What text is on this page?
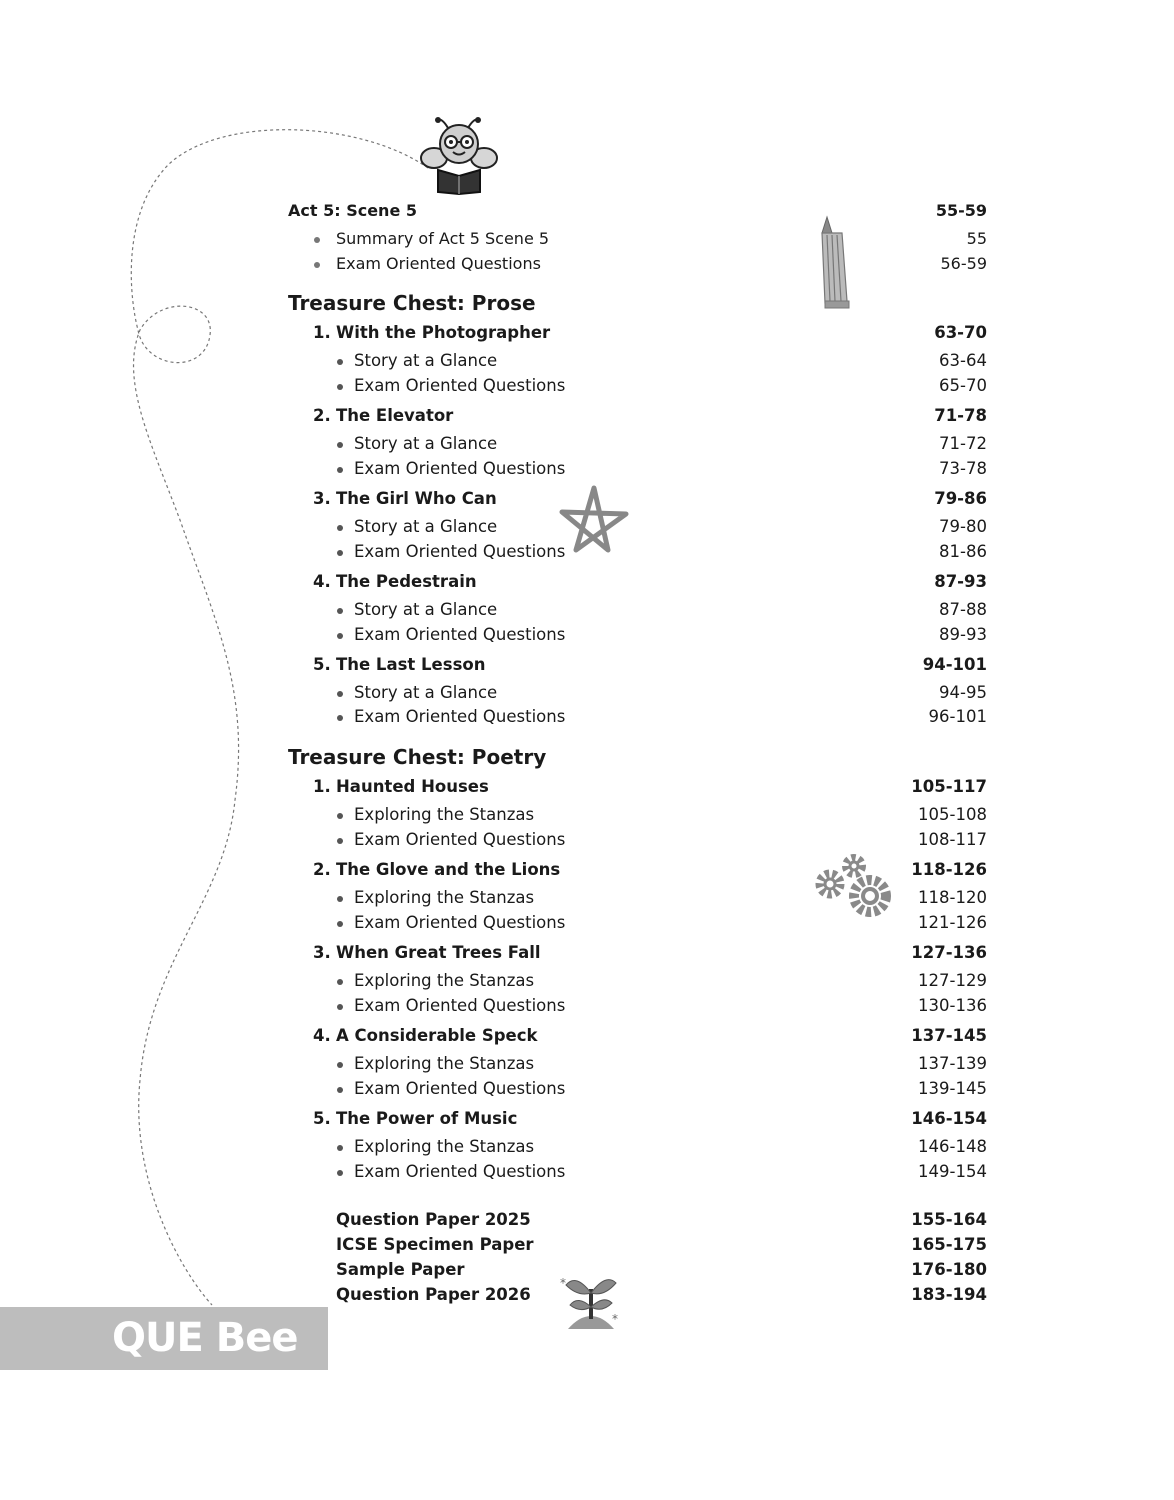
*
*
Act 5: Scene 5	55-59
Summary of Act 5 Scene 5	55
Exam Oriented Questions	56-59
Treasure Chest: Prose
1. With the Photographer	63-70
Story at a Glance	63-64
Exam Oriented Questions	65-70
2. The Elevator	71-78
Story at a Glance	71-72
Exam Oriented Questions	73-78
3. The Girl Who Can	79-86
Story at a Glance	79-80
Exam Oriented Questions	81-86
4. The Pedestrain	87-93
Story at a Glance	87-88
Exam Oriented Questions	89-93
5. The Last Lesson	94-101
Story at a Glance	94-95
Exam Oriented Questions	96-101
Treasure Chest: Poetry
1. Haunted Houses	105-117
Exploring the Stanzas	105-108
Exam Oriented Questions	108-117
2. The Glove and the Lions	118-126
Exploring the Stanzas	118-120
Exam Oriented Questions	121-126
3. When Great Trees Fall	127-136
Exploring the Stanzas	127-129
Exam Oriented Questions	130-136
4. A Considerable Speck	137-145
Exploring the Stanzas	137-139
Exam Oriented Questions	139-145
5. The Power of Music	146-154
Exploring the Stanzas	146-148
Exam Oriented Questions	149-154
Question Paper 2025	155-164
ICSE Specimen Paper	165-175
Sample Paper	176-180
Question Paper 2026	183-194
QUE Bee
